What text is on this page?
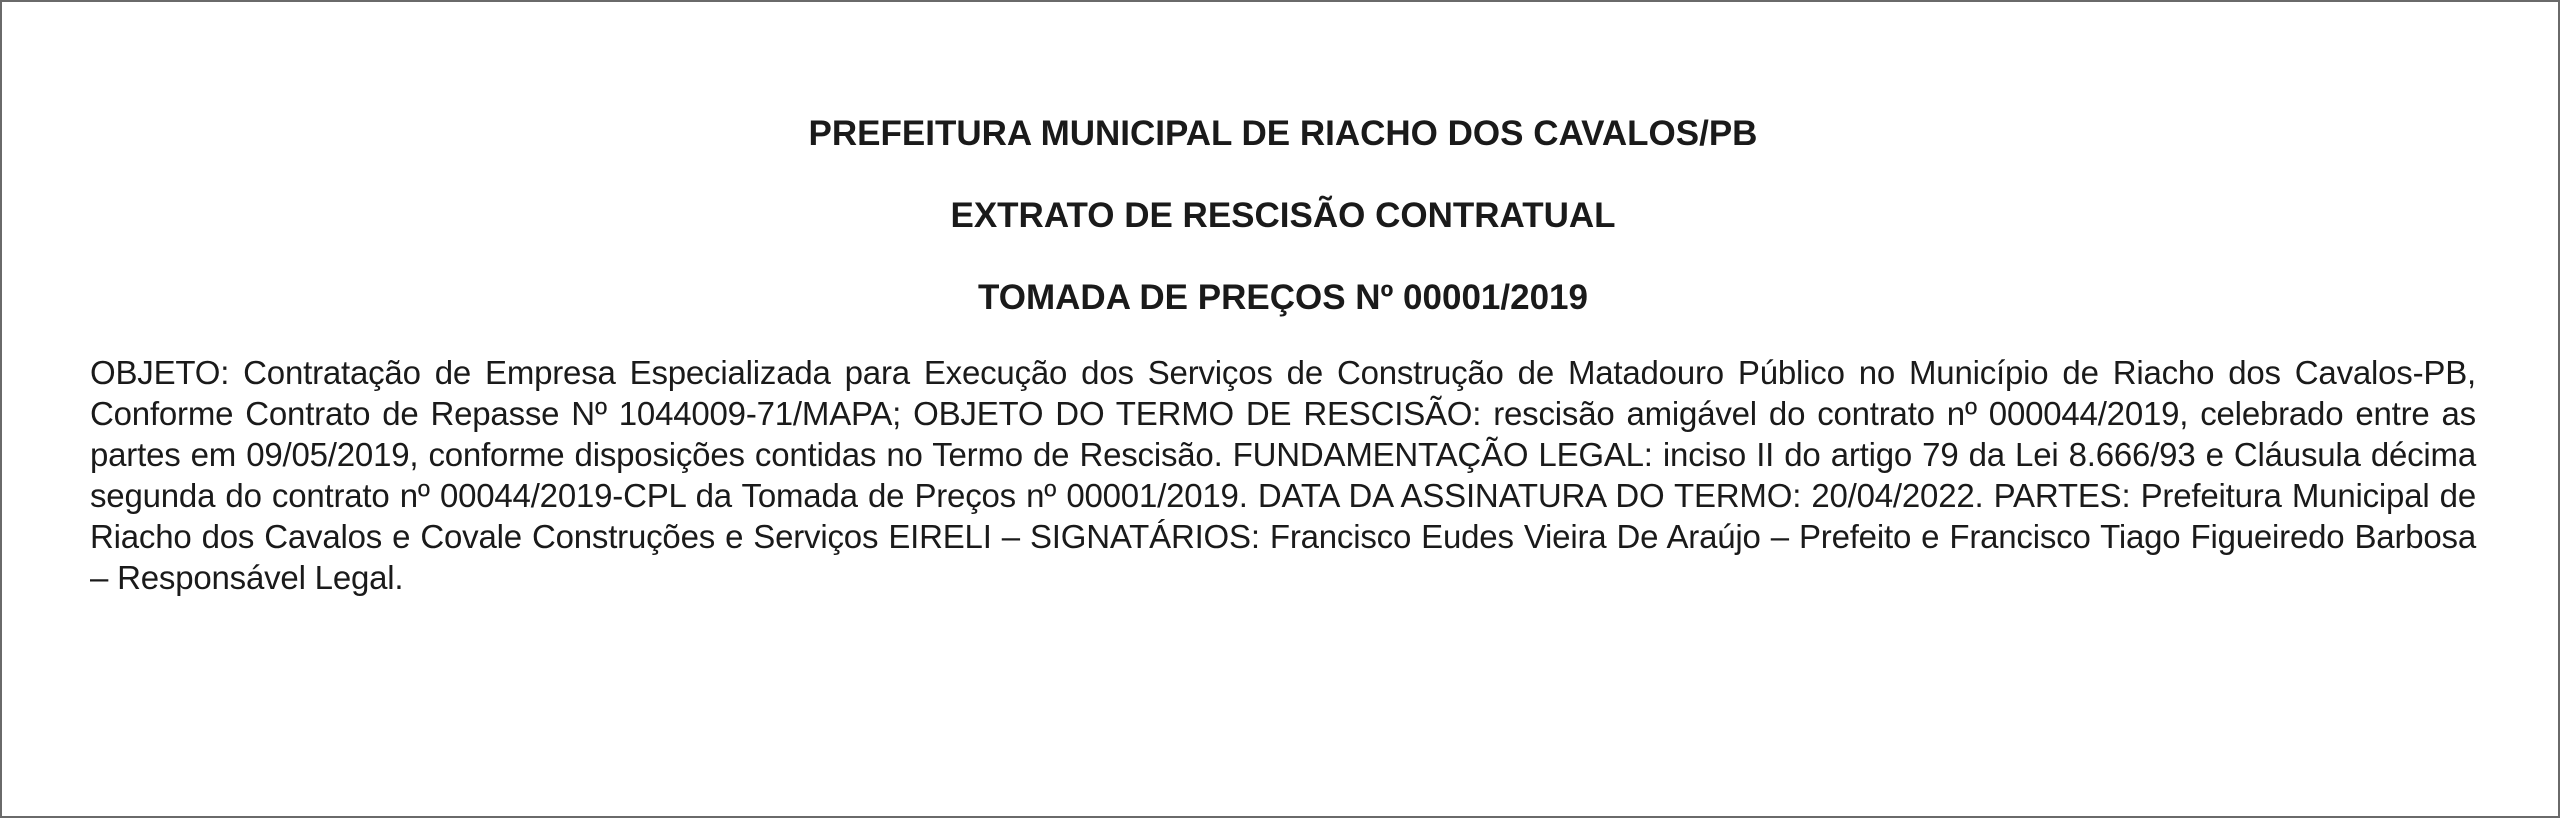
PREFEITURA MUNICIPAL DE RIACHO DOS CAVALOS/PB

EXTRATO DE RESCISÃO CONTRATUAL

TOMADA DE PREÇOS Nº 00001/2019

OBJETO: Contratação de Empresa Especializada para Execução dos Serviços de Construção de Matadouro Público no Município de Riacho dos Cavalos-PB, Conforme Contrato de Repasse Nº 1044009-71/MAPA; OBJETO DO TERMO DE RESCISÃO: rescisão amigável do contrato nº 000044/2019, celebrado entre as partes em 09/05/2019, conforme disposições contidas no Termo de Rescisão. FUNDAMENTAÇÃO LEGAL: inciso II do artigo 79 da Lei 8.666/93 e Cláusula décima segunda do contrato nº 00044/2019-CPL da Tomada de Preços nº 00001/2019. DATA DA ASSINATURA DO TERMO: 20/04/2022. PARTES: Prefeitura Municipal de Riacho dos Cavalos e Covale Construções e Serviços EIRELI – SIGNATÁRIOS: Francisco Eudes Vieira De Araújo – Prefeito e Francisco Tiago Figueiredo Barbosa – Responsável Legal.
